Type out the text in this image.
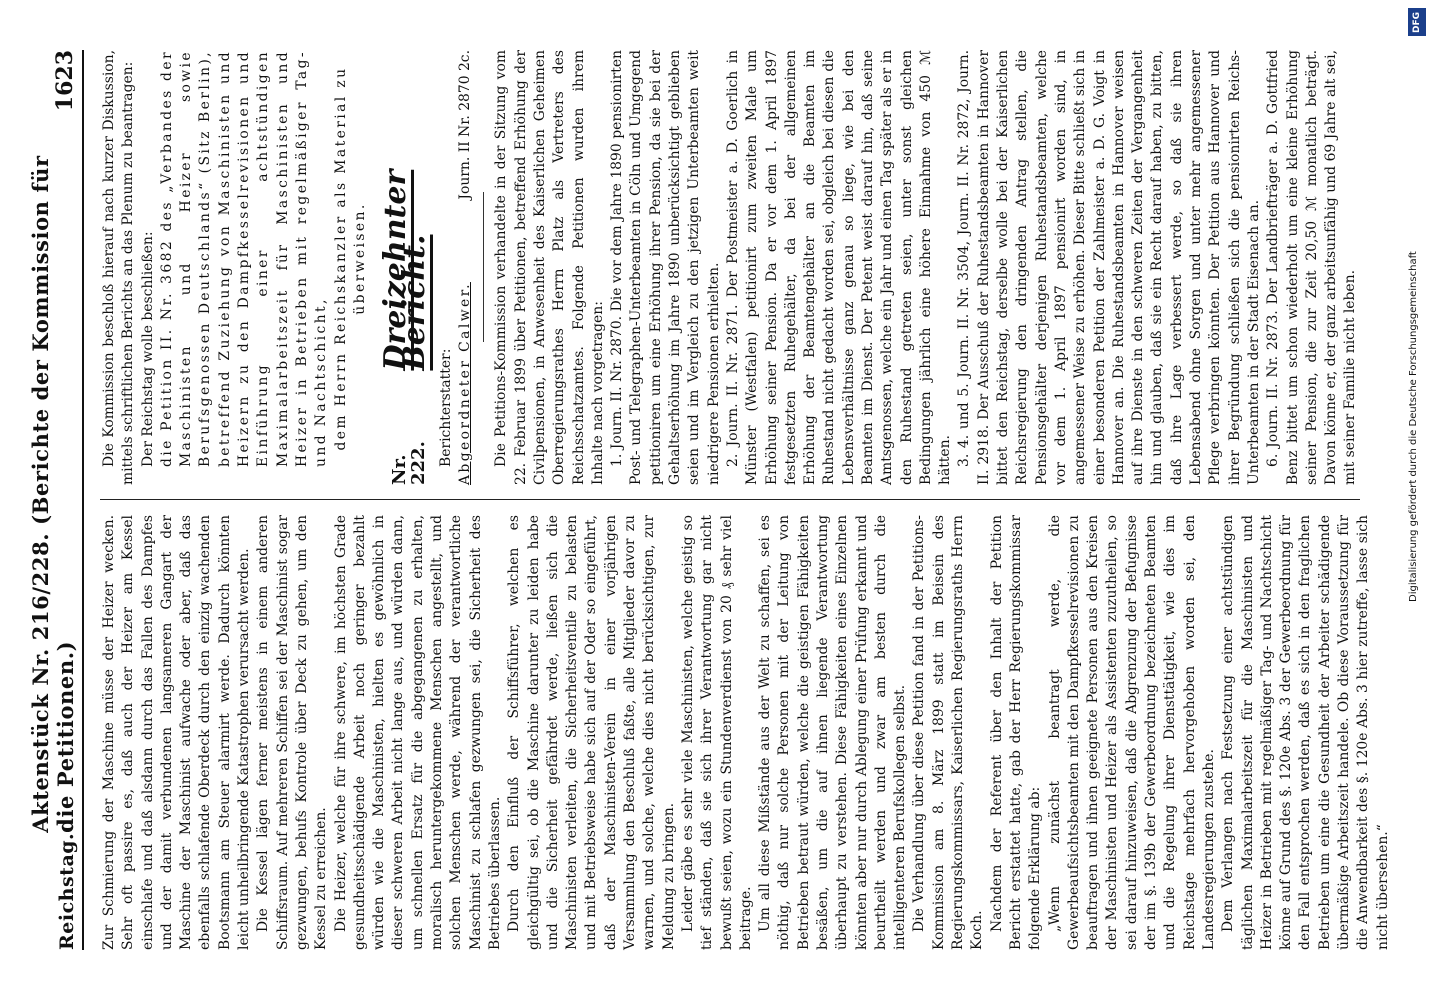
Reichstag.
Aktenstück Nr. 216/228. (Berichte der Kommission für die Petitionen.)
1623

Zur Schmierung der Maschine müsse der Heizer wecken. Sehr oft passire es, daß auch der Heizer am Kessel einschlafe und daß alsdann durch das Fallen des Dampfes und der damit verbundenen langsameren Gangart der Maschine der Maschinist aufwache oder aber, daß das ebenfalls schlafende Oberdeck durch den einzig wachenden Bootsmann am Steuer alarmirt werde. Dadurch könnten leicht unheilbringende Katastrophen verursacht werden. Die Kessel lägen ferner meistens in einem anderen Schiffsraum. Auf mehreren Schiffen sei der Maschinist sogar gezwungen, behufs Kontrole über Deck zu gehen, um den Kessel zu erreichen. Die Heizer, welche für ihre schwere, im höchsten Grade gesundheitsschädigende Arbeit noch geringer bezahlt würden wie die Maschinisten, hielten es gewöhnlich in dieser schweren Arbeit nicht lange aus, und würden dann, um schnellen Ersatz für die abgegangenen zu erhalten, moralisch heruntergekommene Menschen angestellt, und solchen Menschen werde, während der verantwortliche Maschinist zu schlafen gezwungen sei, die Sicherheit des Betriebes überlassen. Durch den Einfluß der Schiffsführer, welchen es gleichgültig sei, ob die Maschine darunter zu leiden habe und die Sicherheit gefährdet werde, ließen sich die Maschinisten verleiten, die Sicherheitsventile zu belasten und mit Betriebsweise habe sich auf der Oder so eingeführt, daß der Maschinisten-Verein in einer vorjährigen Versammlung den Beschluß faßte, alle Mitglieder davor zu warnen, und solche, welche dies nicht berücksichtigen, zur Meldung zu bringen. Leider gäbe es sehr viele Maschinisten, welche geistig so tief ständen, daß sie sich ihrer Verantwortung gar nicht bewußt seien, wozu ein Stundenverdienst von 20 ₰ sehr viel beitrage. Um all diese Mißstände aus der Welt zu schaffen, sei es nöthig, daß nur solche Personen mit der Leitung von Betrieben betraut würden, welche die geistigen Fähigkeiten besäßen, um die auf ihnen liegende Verantwortung überhaupt zu verstehen. Diese Fähigkeiten eines Einzelnen könnten aber nur durch Ablegung einer Prüfung erkannt und beurtheilt werden und zwar am besten durch die intelligenteren Berufskollegen selbst. Die Verhandlung über diese Petition fand in der Petitions-Kommission am 8. März 1899 statt im Beisein des Regierungskommissars, Kaiserlichen Regierungsraths Herrn Koch. Nachdem der Referent über den Inhalt der Petition Bericht erstattet hatte, gab der Herr Regierungskommissar folgende Erklärung ab: „Wenn zunächst beantragt werde, die Gewerbeaufsichtsbeamten mit den Dampfkesselrevisionen zu beauftragen und ihnen geeignete Personen aus den Kreisen der Maschinisten und Heizer als Assistenten zuzutheilen, so sei darauf hinzuweisen, daß die Abgrenzung der Befugnisse der im §. 139b der Gewerbeordnung bezeichneten Beamten und die Regelung ihrer Diensttätigkeit, wie dies im Reichstage mehrfach hervorgehoben worden sei, den Landesregierungen zustehe. Dem Verlangen nach Festsetzung einer achtstündigen täglichen Maximalarbeitszeit für die Maschinisten und Heizer in Betrieben mit regelmäßiger Tag- und Nachtschicht könne auf Grund des §. 120e Abs. 3 der Gewerbeordnung für den Fall entsprochen werden, daß es sich in den fraglichen Betrieben um eine die Gesundheit der Arbeiter schädigende übermäßige Arbeitszeit handele. Ob diese Voraussetzung für die Anwendbarkeit des §. 120e Abs. 3 hier zutreffe, lasse sich nicht übersehen.“

Die Kommission beschloß hierauf nach kurzer Diskussion, mittels schriftlichen Berichts an das Plenum zu beantragen: Der Reichstag wolle beschließen: die Petition II. Nr. 3682 des „Verbandes der Maschinisten und Heizer sowie Berufsgenossen Deutschlands“ (Sitz Berlin), betreffend Zuziehung von Maschinisten und Heizern zu den Dampfkesselrevisionen und Einführung einer achtstündigen Maximalarbeitszeit für Maschinisten und Heizer in Betrieben mit regelmäßiger Tag- und Nachtschicht, dem Herrn Reichskanzler als Material zu überweisen.

Nr. 222.
Dreizehnter Bericht.
Berichterstatter: Abgeordneter Calwer.
Journ. II Nr. 2870 2c. Die Petitions-Kommission verhandelte in der Sitzung vom 22. Februar 1899 über Petitionen, betreffend Erhöhung der Civilpensionen, in Anwesenheit des Kaiserlichen Geheimen Oberregierungsrathes Herrn Platz als Vertreters des Reichsschatzamtes. Folgende Petitionen wurden ihrem Inhalte nach vorgetragen: 1. Journ. II. Nr. 2870. Die vor dem Jahre 1890 pensionirten Post- und Telegraphen-Unterbeamten in Cöln und Umgegend petitioniren um eine Erhöhung ihrer Pension, da sie bei der Gehaltserhöhung im Jahre 1890 unberücksichtigt geblieben seien und im Vergleich zu den jetzigen Unterbeamten weit niedrigere Pensionen erhielten. 2. Journ. II. Nr. 2871. Der Postmeister a. D. Goerlich in Münster (Westfalen) petitionirt zum zweiten Male um Erhöhung seiner Pension. Da er vor dem 1. April 1897 festgesetzten Ruhegehälter, da bei der allgemeinen Erhöhung der Beamtengehälter an die Beamten im Ruhestand nicht gedacht worden sei, obgleich bei diesen die Lebensverhältnisse ganz genau so liege, wie bei den Beamten im Dienst. Der Petent weist darauf hin, daß seine Amtsgenossen, welche ein Jahr und einen Tag später als er in den Ruhestand getreten seien, unter sonst gleichen Bedingungen jährlich eine höhere Einnahme von 450 ℳ hätten. 3. 4. und 5. Journ. II. Nr. 3504, Journ. II. Nr. 2872, Journ. II. 2918. Der Ausschuß der Ruhestandsbeamten in Hannover bittet den Reichstag, derselbe wolle bei der Kaiserlichen Reichsregierung den dringenden Antrag stellen, die Pensionsgehälter derjenigen Ruhestandsbeamten, welche vor dem 1. April 1897 pensionirt worden sind, in angemessener Weise zu erhöhen. Dieser Bitte schließt sich in einer besonderen Petition der Zahlmeister a. D. G. Voigt in Hannover an. Die Ruhestandsbeamten in Hannover weisen auf ihre Dienste in den schweren Zeiten der Vergangenheit hin und glauben, daß sie ein Recht darauf haben, zu bitten, daß ihre Lage verbessert werde, so daß sie ihren Lebensabend ohne Sorgen und unter mehr angemessener Pflege verbringen könnten. Der Petition aus Hannover und ihrer Begründung schließen sich die pensionirten Reichs-Unterbeamten in der Stadt Eisenach an. 6. Journ. II. Nr. 2873. Der Landbriefträger a. D. Gottfried Benz bittet um schon wiederholt um eine kleine Erhöhung seiner Pension, die zur Zeit 20,50 ℳ monatlich beträgt. Davon könne er, der ganz arbeitsunfähig und 69 Jahre alt sei, mit seiner Familie nicht leben.

DFG
Digitalisierung gefördert durch die Deutsche Forschungsgemeinschaft
